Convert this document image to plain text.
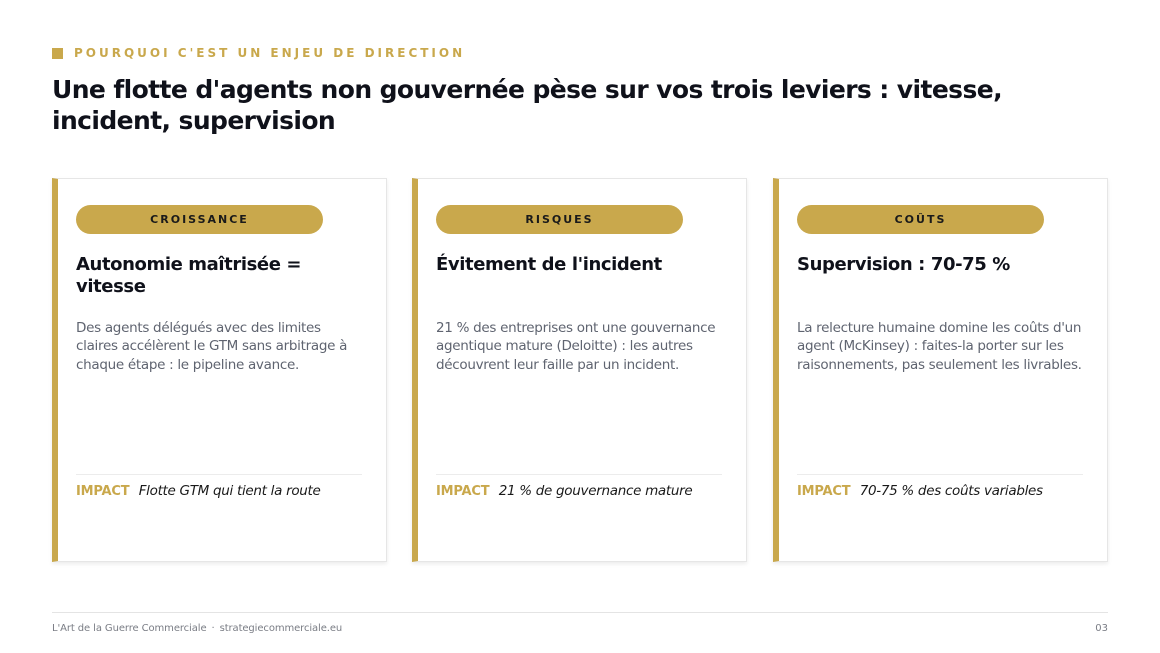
POURQUOI C'EST UN ENJEU DE DIRECTION
Une flotte d'agents non gouvernée pèse sur vos trois leviers : vitesse, incident, supervision
CROISSANCE
Autonomie maîtrisée = vitesse

Des agents délégués avec des limites claires accélèrent le GTM sans arbitrage à chaque étape : le pipeline avance.

IMPACT Flotte GTM qui tient la route
RISQUES
Évitement de l'incident

21 % des entreprises ont une gouvernance agentique mature (Deloitte) : les autres découvrent leur faille par un incident.

IMPACT 21 % de gouvernance mature
COÛTS
Supervision : 70-75 %

La relecture humaine domine les coûts d'un agent (McKinsey) : faites-la porter sur les raisonnements, pas seulement les livrables.

IMPACT 70-75 % des coûts variables
L'Art de la Guerre Commerciale · strategiecommerciale.eu	03
